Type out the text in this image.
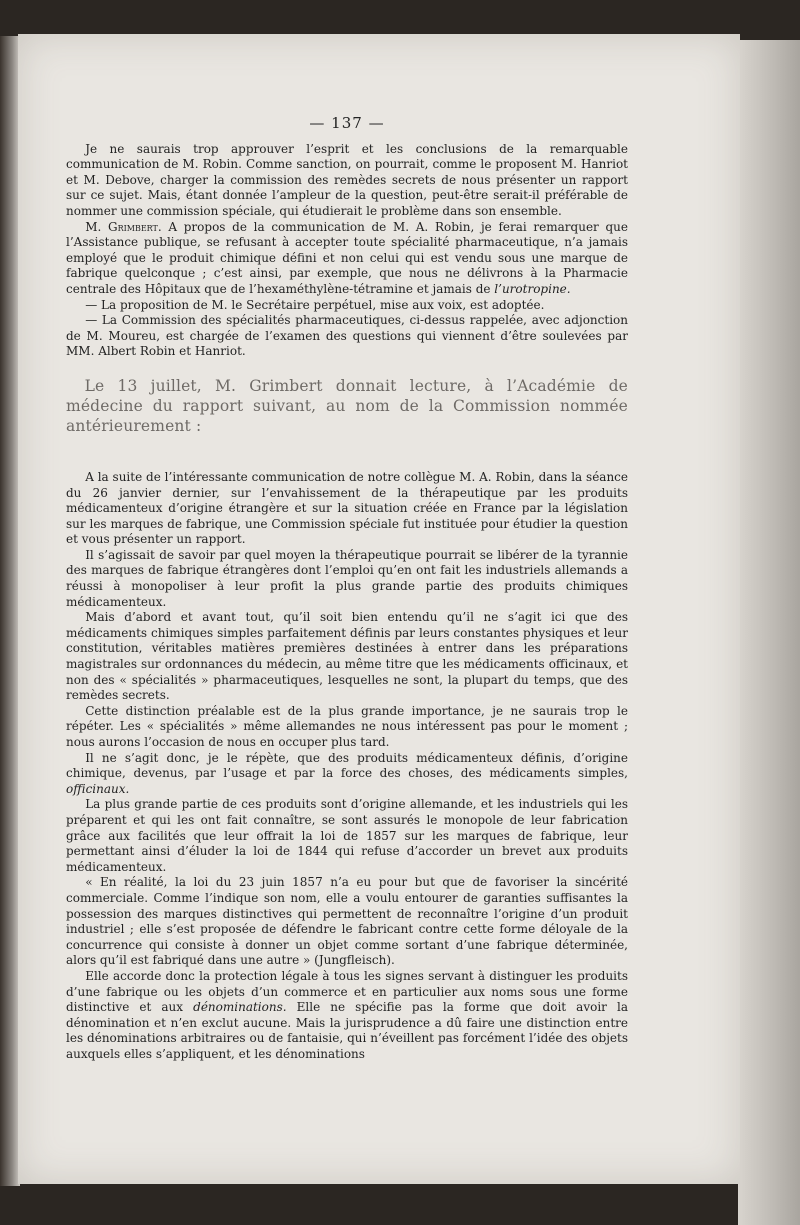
— 137 —

Je ne saurais trop approuver l’esprit et les conclusions de la remarquable communication de M. Robin. Comme sanction, on pourrait, comme le proposent M. Hanriot et M. Debove, charger la commission des remèdes secrets de nous présenter un rapport sur ce sujet. Mais, étant donnée l’ampleur de la question, peut-être serait-il préférable de nommer une commission spéciale, qui étudierait le problème dans son ensemble.

M. Grimbert. A propos de la communication de M. A. Robin, je ferai remarquer que l’Assistance publique, se refusant à accepter toute spécialité pharmaceutique, n’a jamais employé que le produit chimique défini et non celui qui est vendu sous une marque de fabrique quelconque ; c’est ainsi, par exemple, que nous ne délivrons à la Pharmacie centrale des Hôpitaux que de l’hexaméthylène-tétramine et jamais de l’urotropine.

— La proposition de M. le Secrétaire perpétuel, mise aux voix, est adoptée.

— La Commission des spécialités pharmaceutiques, ci-dessus rappelée, avec adjonction de M. Moureu, est chargée de l’examen des questions qui viennent d’être soulevées par MM. Albert Robin et Hanriot.

Le 13 juillet, M. Grimbert donnait lecture, à l’Académie de médecine du rapport suivant, au nom de la Commission nommée antérieurement :

A la suite de l’intéressante communication de notre collègue M. A. Robin, dans la séance du 26 janvier dernier, sur l’envahissement de la thérapeutique par les produits médicamenteux d’origine étrangère et sur la situation créée en France par la législation sur les marques de fabrique, une Commission spéciale fut instituée pour étudier la question et vous présenter un rapport.

Il s’agissait de savoir par quel moyen la thérapeutique pourrait se libérer de la tyrannie des marques de fabrique étrangères dont l’emploi qu’en ont fait les industriels allemands a réussi à monopoliser à leur profit la plus grande partie des produits chimiques médicamenteux.

Mais d’abord et avant tout, qu’il soit bien entendu qu’il ne s’agit ici que des médicaments chimiques simples parfaitement définis par leurs constantes physiques et leur constitution, véritables matières premières destinées à entrer dans les préparations magistrales sur ordonnances du médecin, au même titre que les médicaments officinaux, et non des « spécialités » pharmaceutiques, lesquelles ne sont, la plupart du temps, que des remèdes secrets.

Cette distinction préalable est de la plus grande importance, je ne saurais trop le répéter. Les « spécialités » même allemandes ne nous intéressent pas pour le moment ; nous aurons l’occasion de nous en occuper plus tard.

Il ne s’agit donc, je le répète, que des produits médicamenteux définis, d’origine chimique, devenus, par l’usage et par la force des choses, des médicaments simples, officinaux.

La plus grande partie de ces produits sont d’origine allemande, et les industriels qui les préparent et qui les ont fait connaître, se sont assurés le monopole de leur fabrication grâce aux facilités que leur offrait la loi de 1857 sur les marques de fabrique, leur permettant ainsi d’éluder la loi de 1844 qui refuse d’accorder un brevet aux produits médicamenteux.

« En réalité, la loi du 23 juin 1857 n’a eu pour but que de favoriser la sincérité commerciale. Comme l’indique son nom, elle a voulu entourer de garanties suffisantes la possession des marques distinctives qui permettent de reconnaître l’origine d’un produit industriel ; elle s’est proposée de défendre le fabricant contre cette forme déloyale de la concurrence qui consiste à donner un objet comme sortant d’une fabrique déterminée, alors qu’il est fabriqué dans une autre » (Jungfleisch).

Elle accorde donc la protection légale à tous les signes servant à distinguer les produits d’une fabrique ou les objets d’un commerce et en particulier aux noms sous une forme distinctive et aux dénominations. Elle ne spécifie pas la forme que doit avoir la dénomination et n’en exclut aucune. Mais la jurisprudence a dû faire une distinction entre les dénominations arbitraires ou de fantaisie, qui n’éveillent pas forcément l’idée des objets auxquels elles s’appliquent, et les dénominations
